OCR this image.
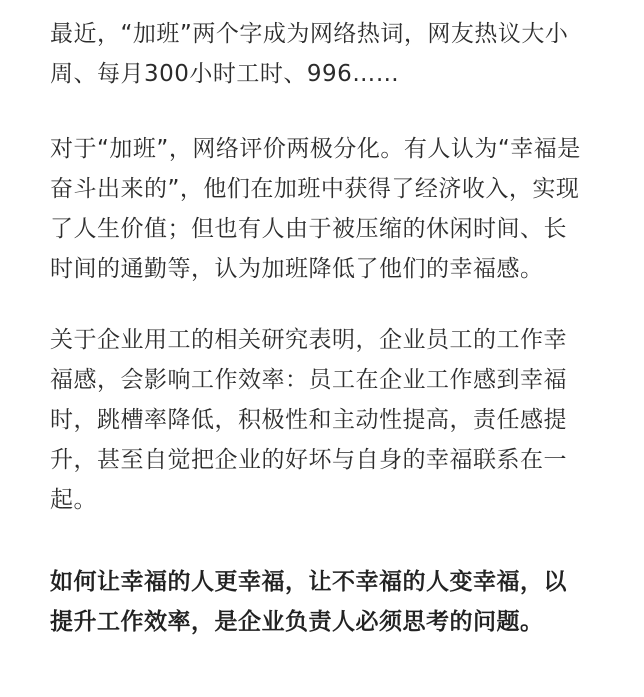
最近，“加班”两个字成为网络热词，网友热议大小
周、每月300小时工时、996……
对于“加班”，网络评价两极分化。有人认为“幸福是
奋斗出来的”，他们在加班中获得了经济收入，实现
了人生价值；但也有人由于被压缩的休闲时间、长
时间的通勤等，认为加班降低了他们的幸福感。
关于企业用工的相关研究表明，企业员工的工作幸
福感，会影响工作效率：员工在企业工作感到幸福
时，跳槽率降低，积极性和主动性提高，责任感提
升，甚至自觉把企业的好坏与自身的幸福联系在一
起。
如何让幸福的人更幸福，让不幸福的人变幸福，以
提升工作效率，是企业负责人必须思考的问题。
